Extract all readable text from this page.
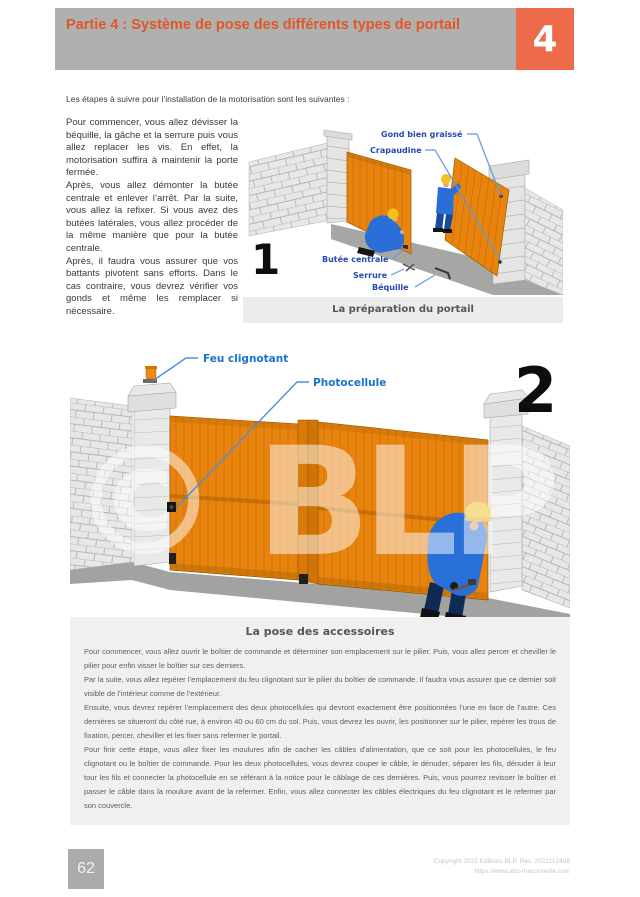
Partie 4 : Système de pose des différents types de portail	4
Les étapes à suivre pour l’installation de la motorisation sont les suivantes :

Pour commencer, vous allez dévisser la béquille, la gâche et la serrure puis vous allez replacer les vis. En effet, la motorisation suffira à maintenir la porte fermée.

Après, vous allez démonter la butée centrale et enlever l’arrêt. Par la suite, vous allez la refixer. Si vous avez des butées latérales, vous allez procéder de la même manière que pour la butée centrale.

Après, il faudra vous assurer que vos battants pivotent sans efforts. Dans le cas contraire, vous devrez vérifier vos gonds et même les remplacer si nécessaire.

Gond bien graissé
Crapaudine
Butée centrale
Serrure
Béquille
1
La préparation du portail
© BLP
Feu clignotant
Photocellule 2

La pose des accessoires

Pour commencer, vous allez ouvrir le boîtier de commande et déterminer son emplacement sur le pilier. Puis, vous allez percer et cheviller le pilier pour enfin visser le boîtier sur ces derniers.

Par la suite, vous allez repérer l’emplacement du feu clignotant sur le pilier du boîtier de commande. Il faudra vous assurer que ce dernier soit visible de l’intérieur comme de l’extérieur.

Ensuite, vous devrez repérer l’emplacement des deux photocellules qui devront exactement être positionnées l’une en face de l’autre. Ces dernières se situeront du côté rue, à environ 40 ou 60 cm du sol. Puis, vous devrez les ouvrir, les positionner sur le pilier, repérer les trous de fixation, percer, cheviller et les fixer sans refermer le portail.

Pour finir cette étape, vous allez fixer les moulures afin de cacher les câbles d’alimentation, que ce soit pour les photocellules, le feu clignotant ou le boîtier de commande. Pour les deux photocellules, vous devrez couper le câble, le dénuder, séparer les fils, dénuder à leur tour les fils et connecter la photocellule en se référant à la notice pour le câblage de ces dernières. Puis, vous pourrez revisser le boîtier et passer le câble dans la moulure avant de la refermer. Enfin, vous allez connecter les câbles électriques du feu clignotant et le refermer par son couvercle.

62	Copyright 2022 Editions BLP. Rev. 2022112408
https://www.abc-maconnerie.com
